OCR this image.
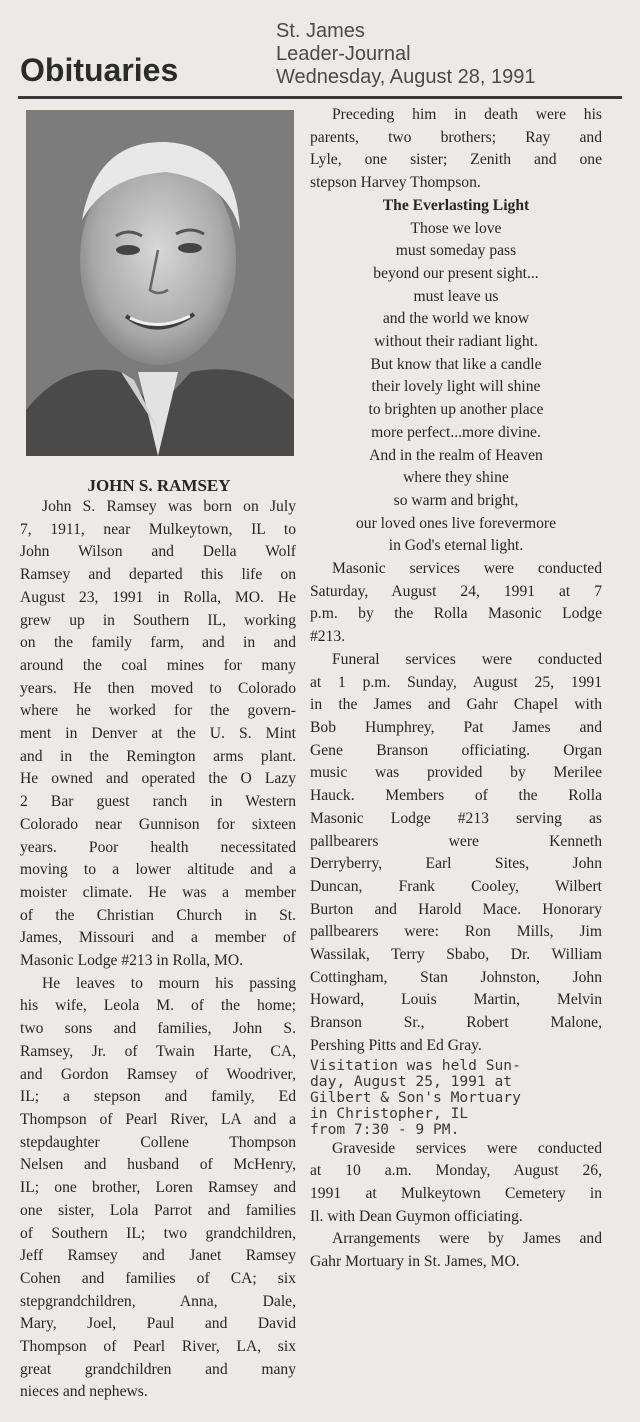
St. James
Leader-Journal
Wednesday, August 28, 1991
Obituaries
JOHN S. RAMSEY
John S. Ramsey was born on July
7, 1911, near Mulkeytown, IL to
John Wilson and Della Wolf
Ramsey and departed this life on
August 23, 1991 in Rolla, MO. He
grew up in Southern IL, working
on the family farm, and in and
around the coal mines for many
years. He then moved to Colorado
where he worked for the govern-
ment in Denver at the U. S. Mint
and in the Remington arms plant.
He owned and operated the O Lazy
2 Bar guest ranch in Western
Colorado near Gunnison for sixteen
years. Poor health necessitated
moving to a lower altitude and a
moister climate. He was a member
of the Christian Church in St.
James, Missouri and a member of
Masonic Lodge #213 in Rolla, MO.
He leaves to mourn his passing
his wife, Leola M. of the home;
two sons and families, John S.
Ramsey, Jr. of Twain Harte, CA,
and Gordon Ramsey of Woodriver,
IL; a stepson and family, Ed
Thompson of Pearl River, LA and a
stepdaughter Collene Thompson
Nelsen and husband of McHenry,
IL; one brother, Loren Ramsey and
one sister, Lola Parrot and families
of Southern IL; two grandchildren,
Jeff Ramsey and Janet Ramsey
Cohen and families of CA; six
stepgrandchildren, Anna, Dale,
Mary, Joel, Paul and David
Thompson of Pearl River, LA, six
great grandchildren and many
nieces and nephews.
Preceding him in death were his
parents, two brothers; Ray and
Lyle, one sister; Zenith and one
stepson Harvey Thompson.
The Everlasting Light
Those we love
must someday pass
beyond our present sight...
must leave us
and the world we know
without their radiant light.
But know that like a candle
their lovely light will shine
to brighten up another place
more perfect...more divine.
And in the realm of Heaven
where they shine
so warm and bright,
our loved ones live forevermore
in God's eternal light.
Masonic services were conducted
Saturday, August 24, 1991 at 7
p.m. by the Rolla Masonic Lodge
#213.
Funeral services were conducted
at 1 p.m. Sunday, August 25, 1991
in the James and Gahr Chapel with
Bob Humphrey, Pat James and
Gene Branson officiating. Organ
music was provided by Merilee
Hauck. Members of the Rolla
Masonic Lodge #213 serving as
pallbearers were Kenneth
Derryberry, Earl Sites, John
Duncan, Frank Cooley, Wilbert
Burton and Harold Mace. Honorary
pallbearers were: Ron Mills, Jim
Wassilak, Terry Sbabo, Dr. William
Cottingham, Stan Johnston, John
Howard, Louis Martin, Melvin
Branson Sr., Robert Malone,
Pershing Pitts and Ed Gray.
Visitation was held Sun-
day, August 25, 1991 at
Gilbert & Son's Mortuary
in Christopher, IL
from 7:30 - 9 PM.
Graveside services were conducted
at 10 a.m. Monday, August 26,
1991 at Mulkeytown Cemetery in
Il. with Dean Guymon officiating.
Arrangements were by James and
Gahr Mortuary in St. James, MO.
